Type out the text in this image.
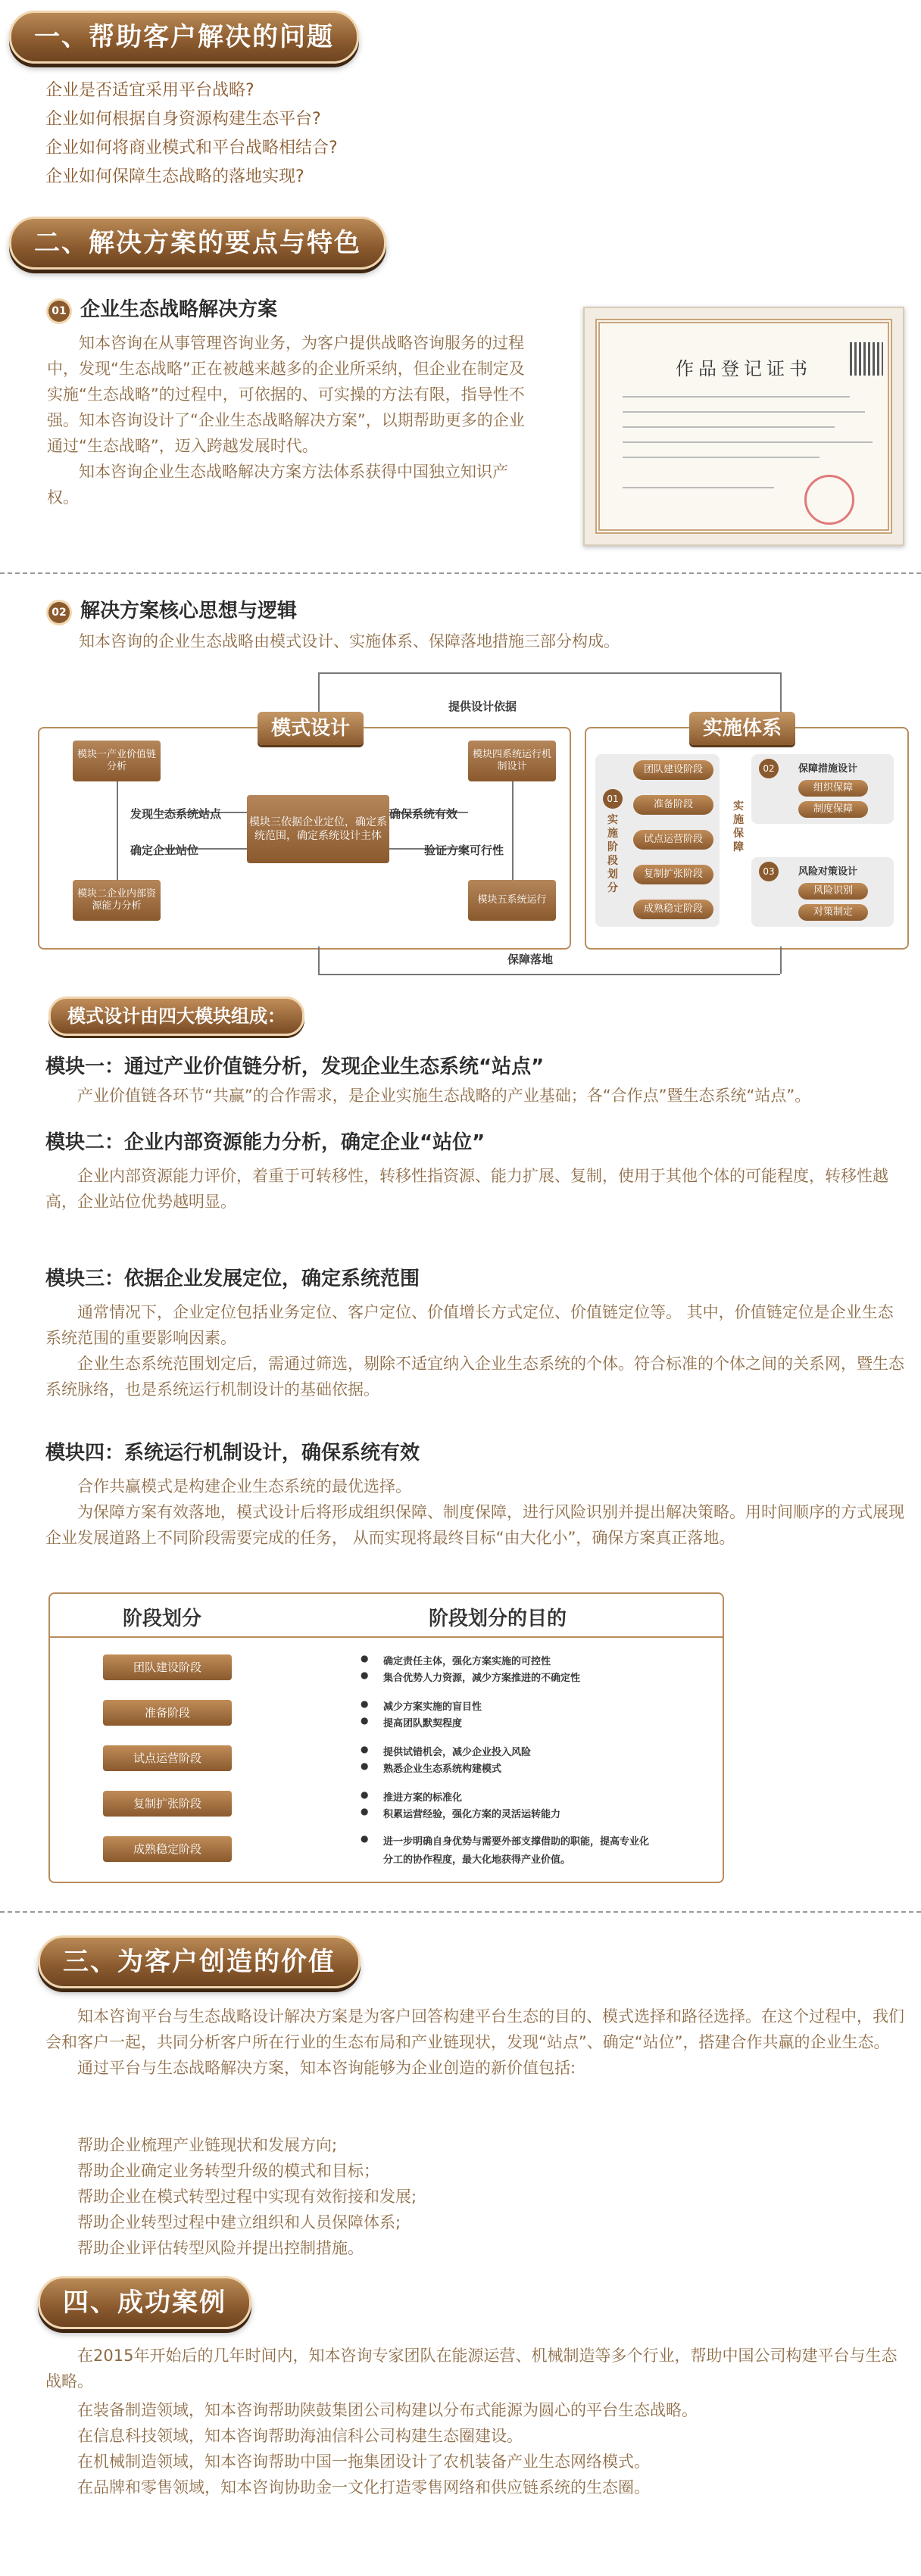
一、帮助客户解决的问题
企业是否适宜采用平台战略?
企业如何根据自身资源构建生态平台?
企业如何将商业模式和平台战略相结合?
企业如何保障生态战略的落地实现?
二、解决方案的要点与特色
01 企业生态战略解决方案

知本咨询在从事管理咨询业务，为客户提供战略咨询服务的过程中，发现“生态战略”正在被越来越多的企业所采纳，但企业在制定及实施“生态战略”的过程中，可依据的、可实操的方法有限，指导性不强。知本咨询设计了“企业生态战略解决方案”，以期帮助更多的企业通过“生态战略”，迈入跨越发展时代。

知本咨询企业生态战略解决方案方法体系获得中国独立知识产权。

作品登记证书
02 解决方案核心思想与逻辑

知本咨询的企业生态战略由模式设计、实施体系、保障落地措施三部分构成。

提供设计依据
模式设计	实施体系
模块一产业价值链分析
模块二企业内部资源能力分析
模块三依据企业定位，确定系统范围，确定系统设计主体
模块四系统运行机制设计
模块五系统运行
发现生态系统站点
确定企业站位
确保系统有效
验证方案可行性
01
实施阶段划分
团队建设阶段
准备阶段
试点运营阶段
复制扩张阶段
成熟稳定阶段
实施保障
02	保障措施设计
组织保障
制度保障
03	风险对策设计
风险识别
对策制定
保障落地
模式设计由四大模块组成：
模块一：通过产业价值链分析，发现企业生态系统“站点”

产业价值链各环节“共赢”的合作需求，是企业实施生态战略的产业基础；各“合作点”暨生态系统“站点”。

模块二：企业内部资源能力分析，确定企业“站位”

企业内部资源能力评价，着重于可转移性，转移性指资源、能力扩展、复制，使用于其他个体的可能程度，转移性越高，企业站位优势越明显。

模块三：依据企业发展定位，确定系统范围

通常情况下，企业定位包括业务定位、客户定位、价值增长方式定位、价值链定位等。 其中，价值链定位是企业生态系统范围的重要影响因素。

企业生态系统范围划定后，需通过筛选，剔除不适宜纳入企业生态系统的个体。符合标准的个体之间的关系网，暨生态系统脉络，也是系统运行机制设计的基础依据。

模块四：系统运行机制设计，确保系统有效

合作共赢模式是构建企业生态系统的最优选择。

为保障方案有效落地，模式设计后将形成组织保障、制度保障，进行风险识别并提出解决策略。用时间顺序的方式展现企业发展道路上不同阶段需要完成的任务， 从而实现将最终目标“由大化小”，确保方案真正落地。

阶段划分	阶段划分的目的
团队建设阶段	● 确定责任主体，强化方案实施的可控性
● 集合优势人力资源，减少方案推进的不确定性
准备阶段	● 减少方案实施的盲目性
● 提高团队默契程度
试点运营阶段	● 提供试错机会，减少企业投入风险
● 熟悉企业生态系统构建模式
复制扩张阶段	● 推进方案的标准化
● 积累运营经验，强化方案的灵活运转能力
成熟稳定阶段
● 进一步明确自身优势与需要外部支撑借助的职能，提高专业化
分工的协作程度，最大化地获得产业价值。
三、为客户创造的价值

知本咨询平台与生态战略设计解决方案是为客户回答构建平台生态的目的、模式选择和路径选择。在这个过程中，我们会和客户一起，共同分析客户所在行业的生态布局和产业链现状，发现“站点”、确定“站位”，搭建合作共赢的企业生态。

通过平台与生态战略解决方案，知本咨询能够为企业创造的新价值包括:

帮助企业梳理产业链现状和发展方向;
帮助企业确定业务转型升级的模式和目标；
帮助企业在模式转型过程中实现有效衔接和发展;
帮助企业转型过程中建立组织和人员保障体系;
帮助企业评估转型风险并提出控制措施。
四、成功案例

在2015年开始后的几年时间内，知本咨询专家团队在能源运营、机械制造等多个行业，帮助中国公司构建平台与生态战略。

在装备制造领域，知本咨询帮助陕鼓集团公司构建以分布式能源为圆心的平台生态战略。
在信息科技领域，知本咨询帮助海油信科公司构建生态圈建设。
在机械制造领域，知本咨询帮助中国一拖集团设计了农机装备产业生态网络模式。
在品牌和零售领域，知本咨询协助金一文化打造零售网络和供应链系统的生态圈。
